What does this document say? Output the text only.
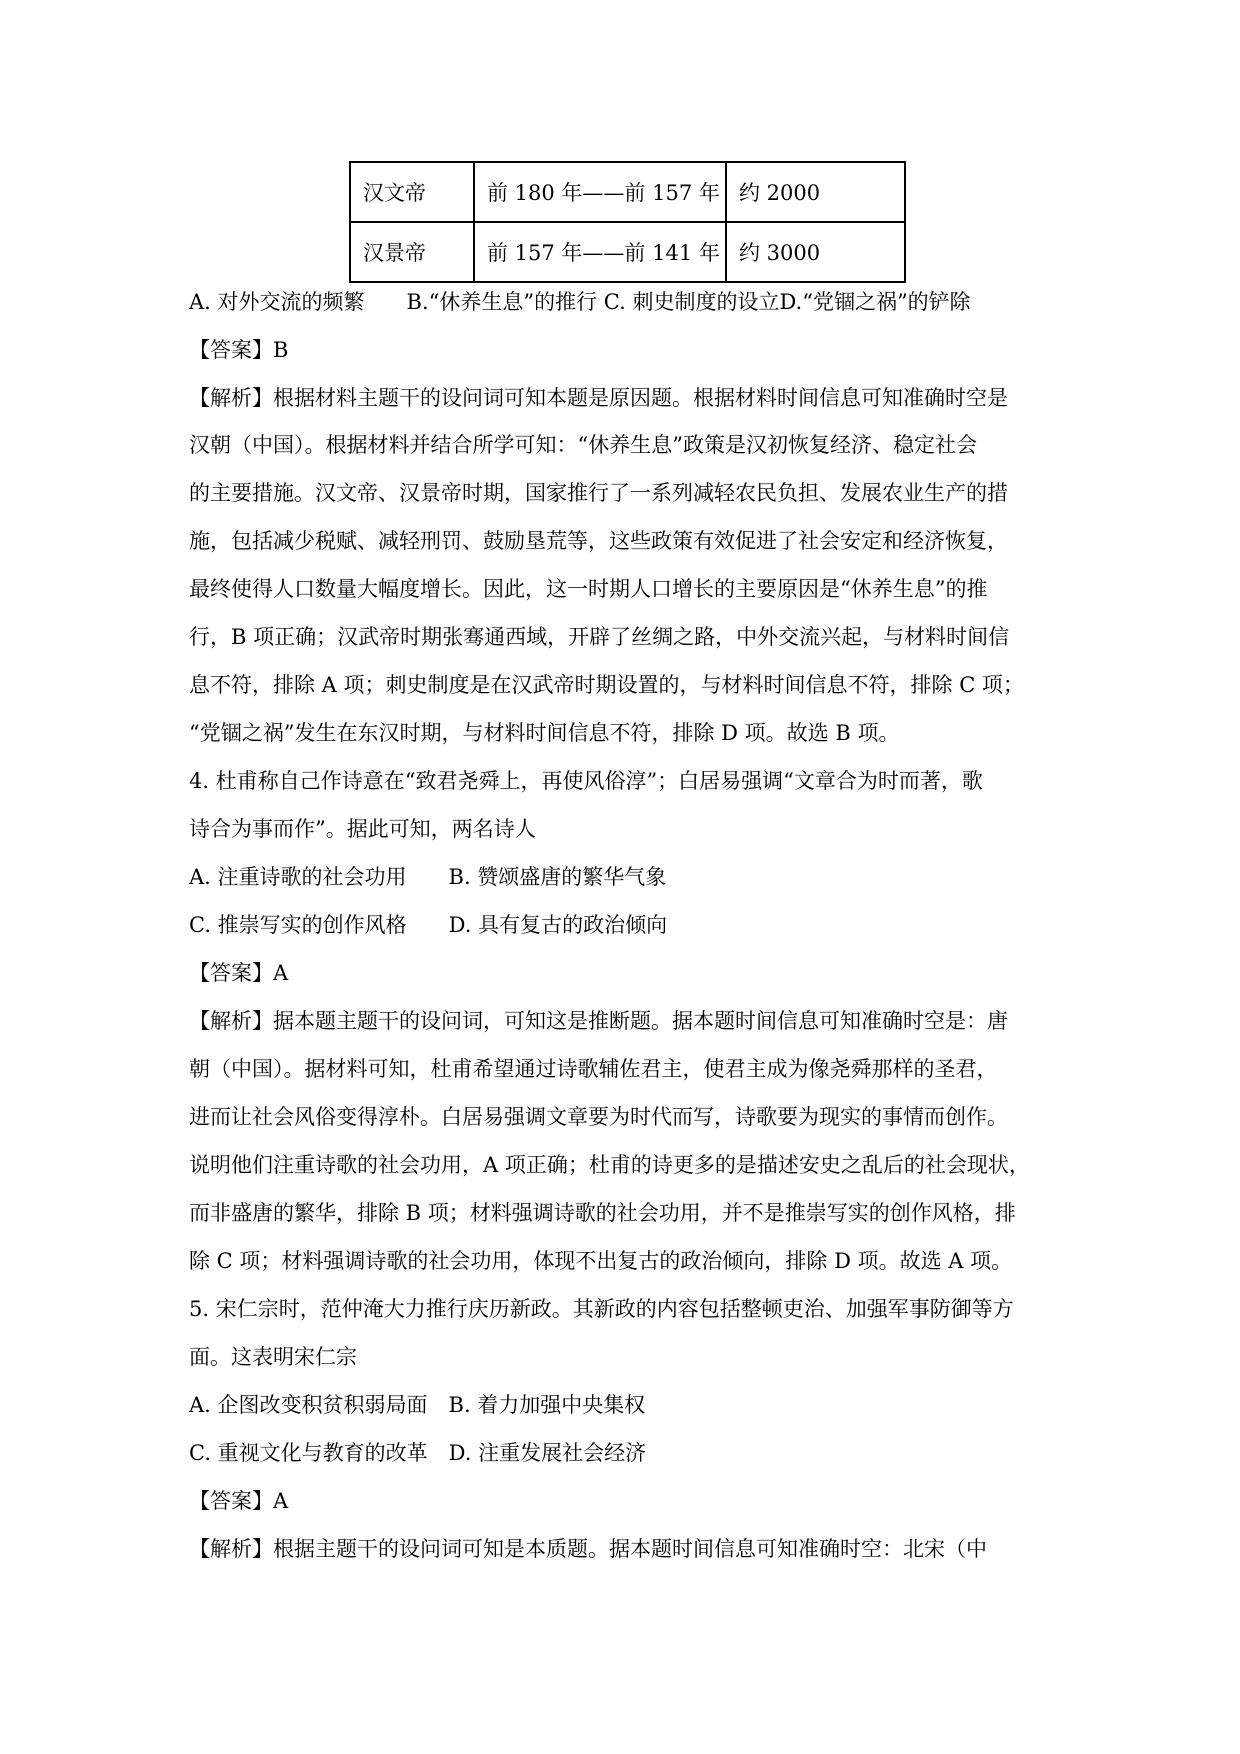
汉文帝	前 180 年——前 157 年	约 2000
汉景帝	前 157 年——前 141 年	约 3000
A. 对外交流的频繁　　B.“休养生息”的推行 C. 刺史制度的设立D.“党锢之祸”的铲除
【答案】B
【解析】根据材料主题干的设问词可知本题是原因题。根据材料时间信息可知准确时空是
汉朝（中国）。根据材料并结合所学可知：“休养生息”政策是汉初恢复经济、稳定社会
的主要措施。汉文帝、汉景帝时期，国家推行了一系列减轻农民负担、发展农业生产的措
施，包括减少税赋、减轻刑罚、鼓励垦荒等，这些政策有效促进了社会安定和经济恢复，
最终使得人口数量大幅度增长。因此，这一时期人口增长的主要原因是“休养生息”的推
行，B 项正确；汉武帝时期张骞通西域，开辟了丝绸之路，中外交流兴起，与材料时间信
息不符，排除 A 项；刺史制度是在汉武帝时期设置的，与材料时间信息不符，排除 C 项；
“党锢之祸”发生在东汉时期，与材料时间信息不符，排除 D 项。故选 B 项。
4. 杜甫称自己作诗意在“致君尧舜上，再使风俗淳”；白居易强调“文章合为时而著，歌
诗合为事而作”。据此可知，两名诗人
A. 注重诗歌的社会功用　　B. 赞颂盛唐的繁华气象
C. 推崇写实的创作风格　　D. 具有复古的政治倾向
【答案】A
【解析】据本题主题干的设问词，可知这是推断题。据本题时间信息可知准确时空是：唐
朝（中国）。据材料可知，杜甫希望通过诗歌辅佐君主，使君主成为像尧舜那样的圣君，
进而让社会风俗变得淳朴。白居易强调文章要为时代而写，诗歌要为现实的事情而创作。
说明他们注重诗歌的社会功用，A 项正确；杜甫的诗更多的是描述安史之乱后的社会现状，
而非盛唐的繁华，排除 B 项；材料强调诗歌的社会功用，并不是推崇写实的创作风格，排
除 C 项；材料强调诗歌的社会功用，体现不出复古的政治倾向，排除 D 项。故选 A 项。
5. 宋仁宗时，范仲淹大力推行庆历新政。其新政的内容包括整顿吏治、加强军事防御等方
面。这表明宋仁宗
A. 企图改变积贫积弱局面　B. 着力加强中央集权
C. 重视文化与教育的改革　D. 注重发展社会经济
【答案】A
【解析】根据主题干的设问词可知是本质题。据本题时间信息可知准确时空：北宋（中
